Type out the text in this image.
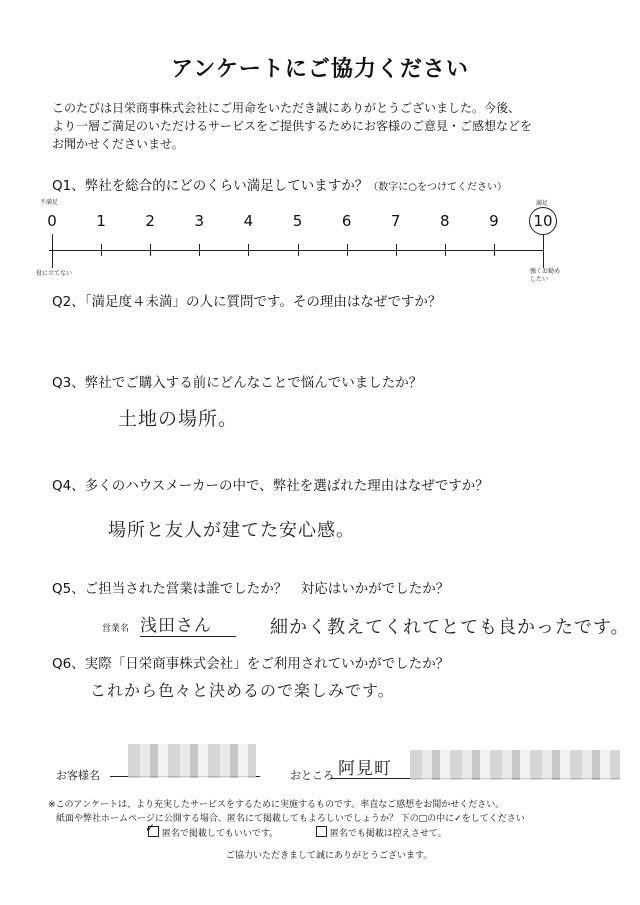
アンケートにご協力ください
このたびは日栄商事株式会社にご用命をいただき誠にありがとうございました。今後、
より一層ご満足のいただけるサービスをご提供するためにお客様のご意見・ご感想などを
お聞かせくださいませ。
Q1、弊社を総合的にどのくらい満足していますか？（数字に○をつけてください）
不満足	満足
0	1	2	3	4	5	6	7	8	9	10
役に立てない	強くお勧めしたい
Q2、「満足度４未満」の人に質問です。その理由はなぜですか？
Q3、弊社でご購入する前にどんなことで悩んでいましたか？
土地の場所。
Q4、多くのハウスメーカーの中で、弊社を選ばれた理由はなぜですか？
場所と友人が建てた安心感。
Q5、ご担当された営業は誰でしたか？　対応はいかがでしたか？
営業名 浅田さん	細かく教えてくれてとても良かったです。
Q6、実際「日栄商事株式会社」をご利用されていかがでしたか？
これから色々と決めるので楽しみです。
お客様名	おところ 阿見町
※このアンケートは、より充実したサービスをするために実施するものです。率直なご感想をお聞かせください。
紙面や弊社ホームページに公開する場合、匿名にて掲載してもよろしいでしょうか？ 下の□の中に✓をしてください
✓ 匿名で掲載してもいいです。	匿名でも掲載は控えさせて。
ご協力いただきまして誠にありがとうございます。
